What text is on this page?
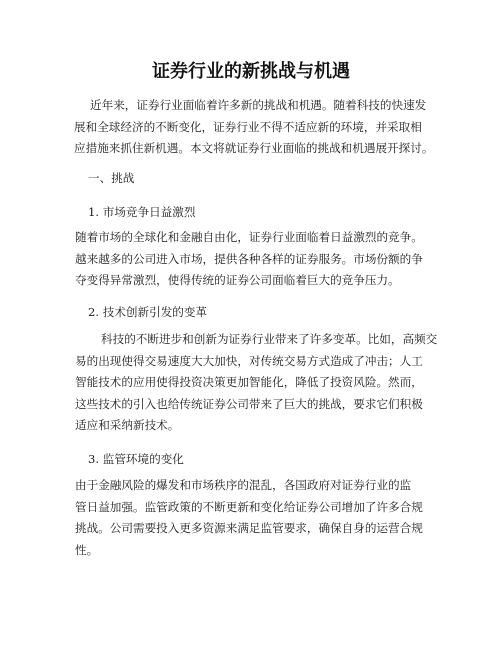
证券行业的新挑战与机遇
近年来，证券行业面临着许多新的挑战和机遇。随着科技的快速发
展和全球经济的不断变化，证券行业不得不适应新的环境，并采取相
应措施来抓住新机遇。本文将就证券行业面临的挑战和机遇展开探讨。
一、挑战
1. 市场竞争日益激烈
随着市场的全球化和金融自由化，证券行业面临着日益激烈的竞争。
越来越多的公司进入市场，提供各种各样的证券服务。市场份额的争
夺变得异常激烈，使得传统的证券公司面临着巨大的竞争压力。
2. 技术创新引发的变革
科技的不断进步和创新为证券行业带来了许多变革。比如，高频交
易的出现使得交易速度大大加快，对传统交易方式造成了冲击；人工
智能技术的应用使得投资决策更加智能化，降低了投资风险。然而，
这些技术的引入也给传统证券公司带来了巨大的挑战，要求它们积极
适应和采纳新技术。
3. 监管环境的变化
由于金融风险的爆发和市场秩序的混乱，各国政府对证券行业的监
管日益加强。监管政策的不断更新和变化给证券公司增加了许多合规
挑战。公司需要投入更多资源来满足监管要求，确保自身的运营合规
性。
